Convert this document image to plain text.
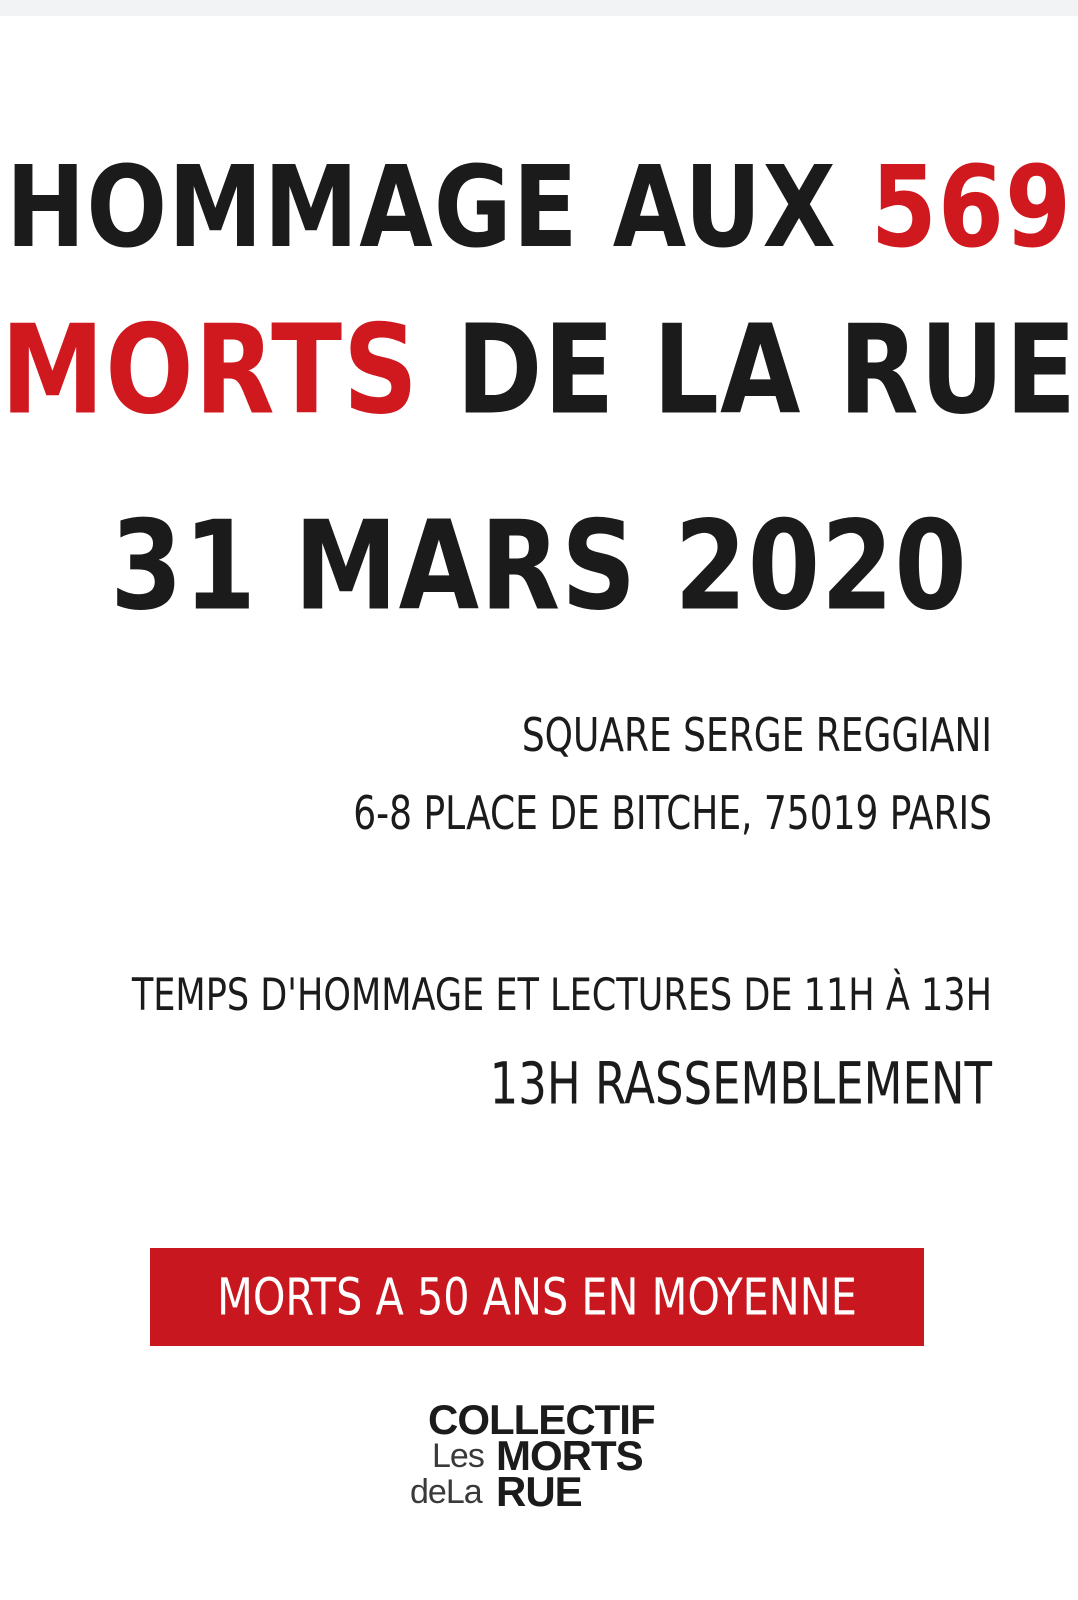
HOMMAGE AUX 569
MORTS DE LA RUE
31 MARS 2020
SQUARE SERGE REGGIANI
6-8 PLACE DE BITCHE, 75019 PARIS
TEMPS D'HOMMAGE ET LECTURES DE 11H À 13H
13H RASSEMBLEMENT
MORTS A 50 ANS EN MOYENNE
COLLECTIF
Les MORTS
deLa RUE
